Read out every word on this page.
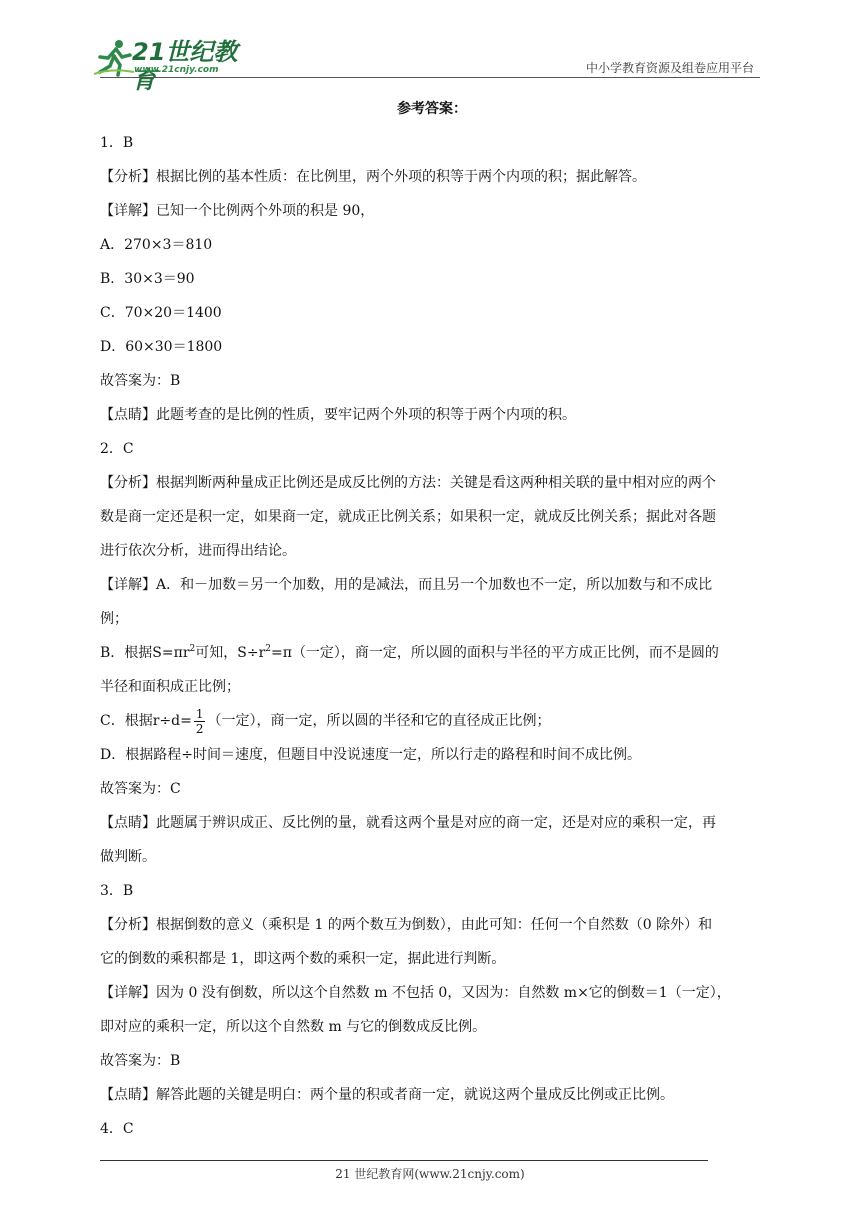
21世纪教育
www.21cnjy.com	中小学教育资源及组卷应用平台
参考答案：

1．B

【分析】根据比例的基本性质：在比例里，两个外项的积等于两个内项的积；据此解答。

【详解】已知一个比例两个外项的积是 90，

A．270×3＝810

B．30×3＝90

C．70×20＝1400

D．60×30＝1800

故答案为：B

【点睛】此题考查的是比例的性质，要牢记两个外项的积等于两个内项的积。

2．C

【分析】根据判断两种量成正比例还是成反比例的方法：关键是看这两种相关联的量中相对应的两个

数是商一定还是积一定，如果商一定，就成正比例关系；如果积一定，就成反比例关系；据此对各题

进行依次分析，进而得出结论。

【详解】A．和－加数＝另一个加数，用的是减法，而且另一个加数也不一定，所以加数与和不成比

例；

B．根据$S=\pi r^2$可知，$S\div r^2=\pi$（一定），商一定，所以圆的面积与半径的平方成正比例，而不是圆的

半径和面积成正比例；

C．根据$r\div d= \frac{1}{2}$ （一定），商一定，所以圆的半径和它的直径成正比例；

D．根据路程÷时间＝速度，但题目中没说速度一定，所以行走的路程和时间不成比例。

故答案为：C

【点睛】此题属于辨识成正、反比例的量，就看这两个量是对应的商一定，还是对应的乘积一定，再

做判断。

3．B

【分析】根据倒数的意义（乘积是 1 的两个数互为倒数），由此可知：任何一个自然数（0 除外）和

它的倒数的乘积都是 1，即这两个数的乘积一定，据此进行判断。

【详解】因为 0 没有倒数，所以这个自然数 m 不包括 0，又因为：自然数 m×它的倒数＝1（一定），

即对应的乘积一定，所以这个自然数 m 与它的倒数成反比例。

故答案为：B

【点睛】解答此题的关键是明白：两个量的积或者商一定，就说这两个量成反比例或正比例。

4．C

21 世纪教育网(www.21cnjy.com)
